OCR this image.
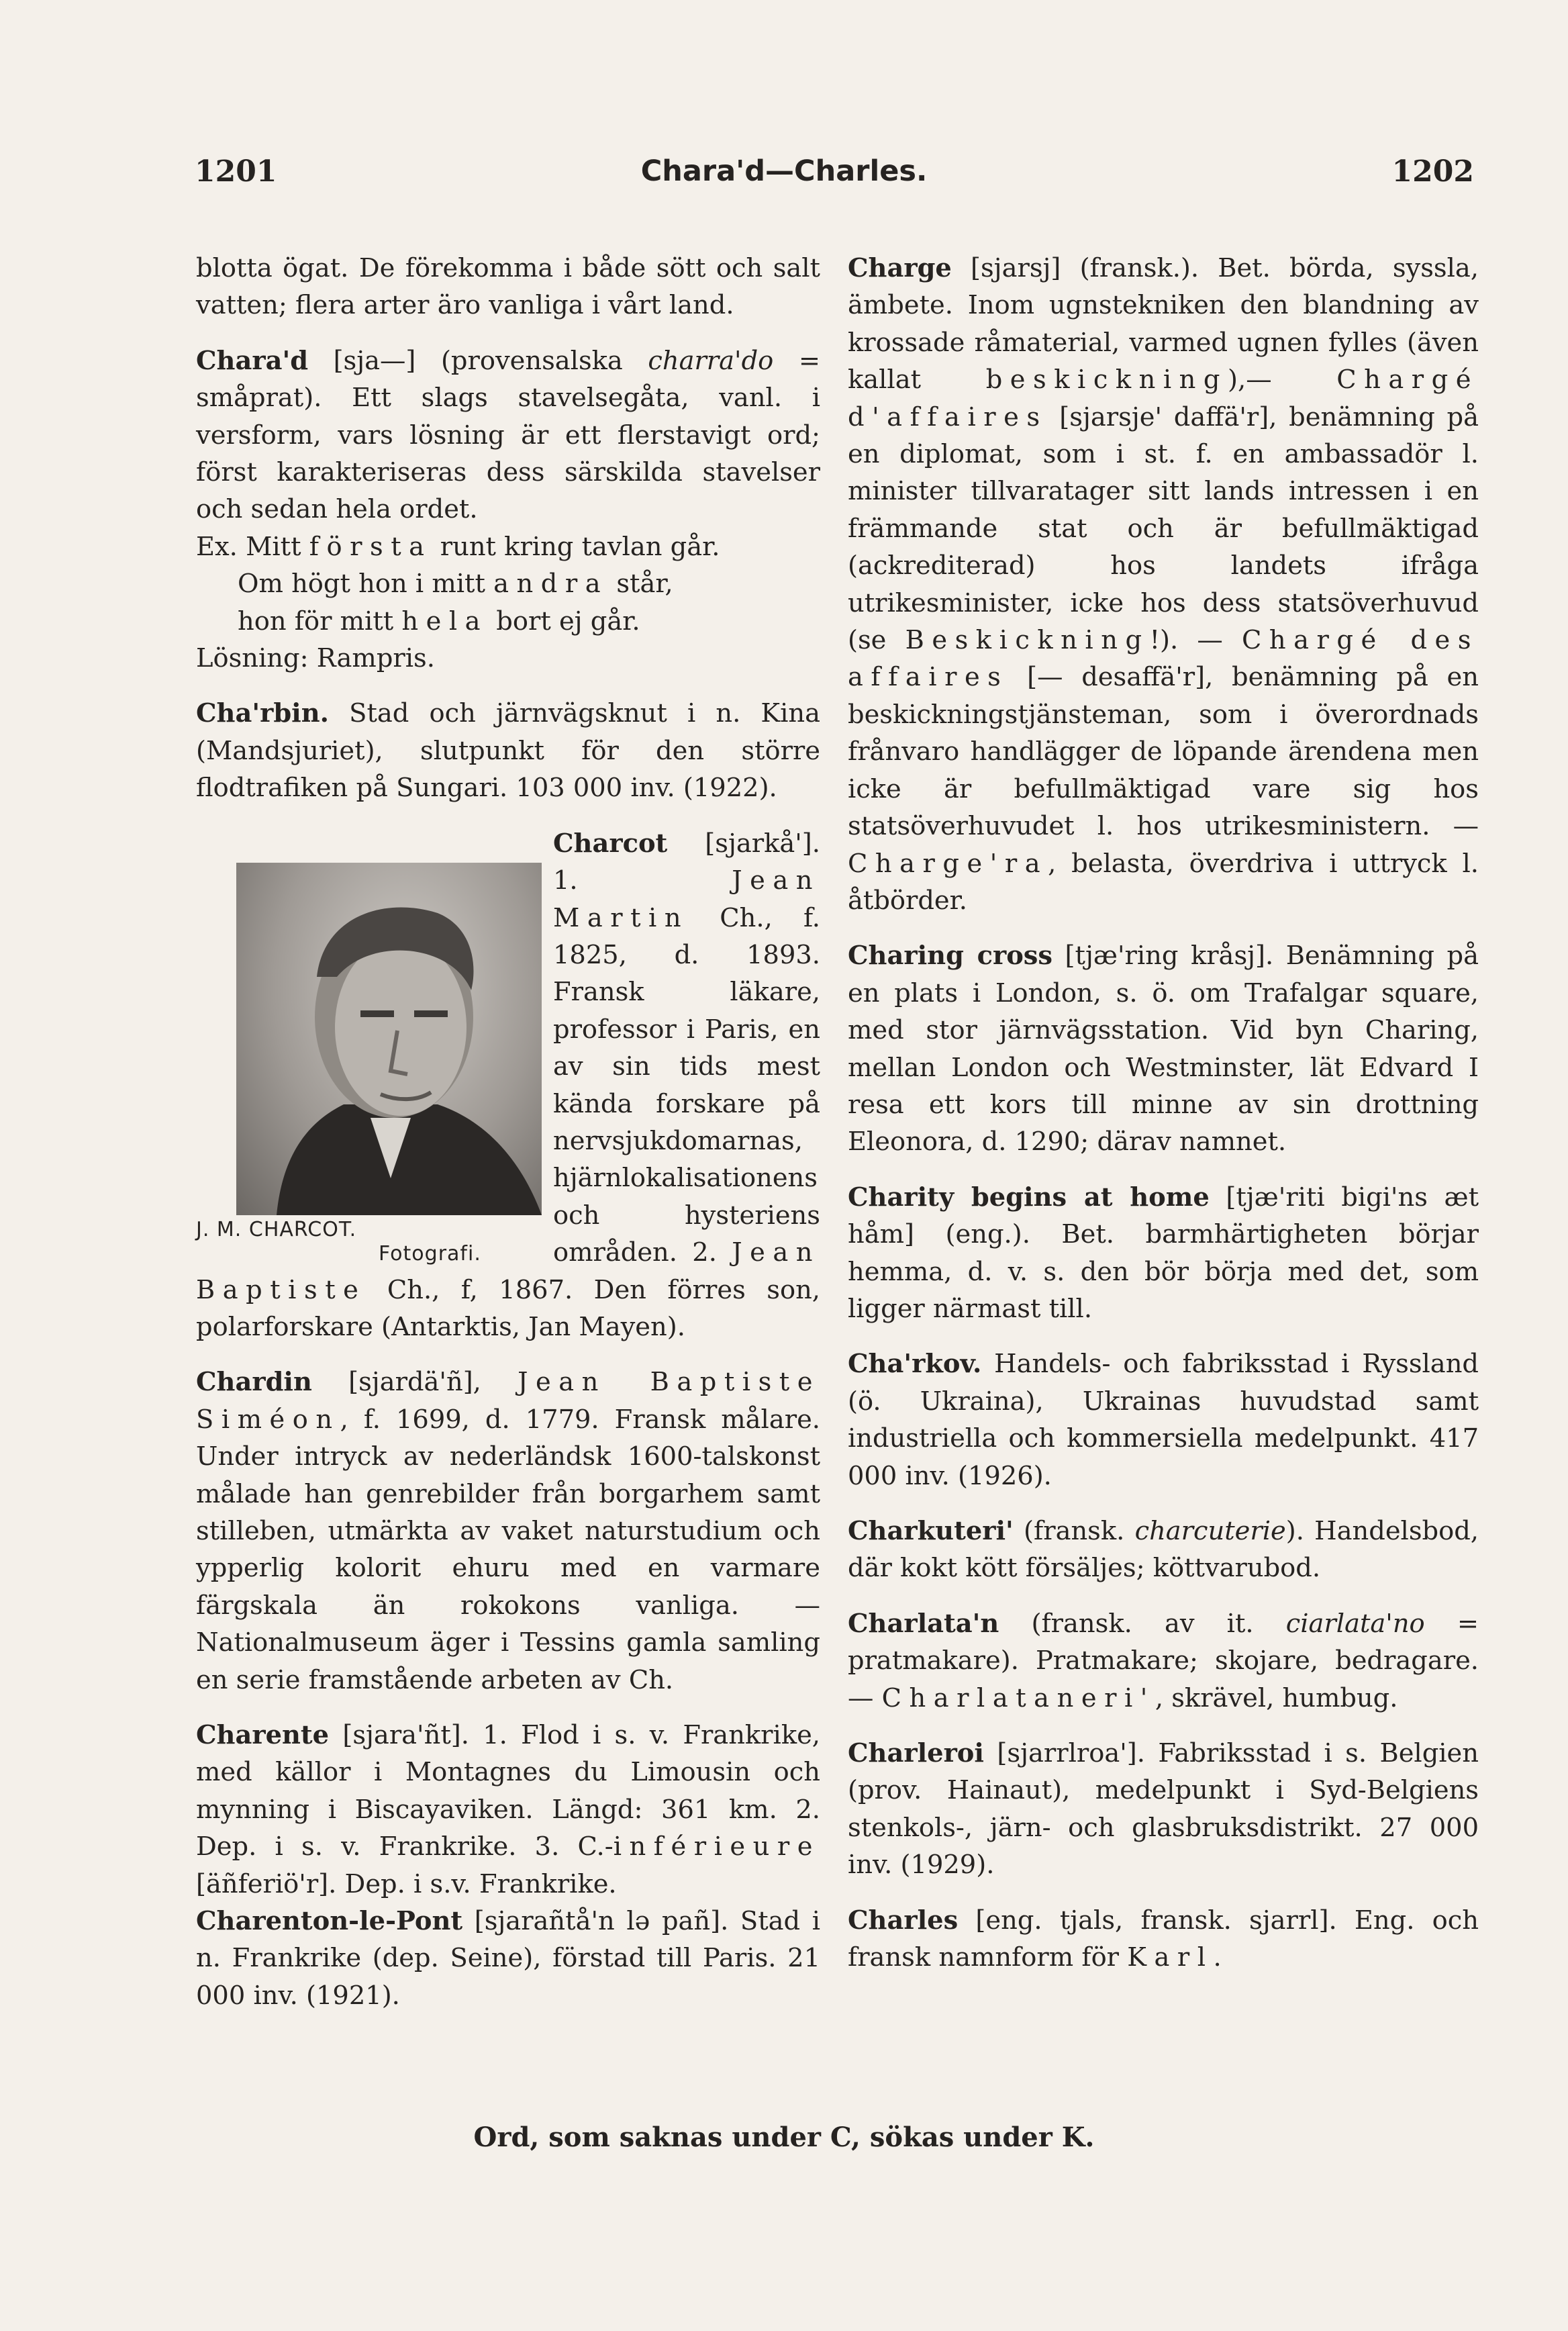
1201	Chara'd—Charles.	1202

blotta ögat. De förekomma i både sött och salt vatten; flera arter äro vanliga i vårt land.

Chara'd [sja—] (provensalska charra'do = småprat). Ett slags stavelsegåta, vanl. i versform, vars lösning är ett flerstavigt ord; först karakteriseras dess särskilda stavelser och sedan hela ordet.

Ex. Mitt första runt kring tavlan går.

Om högt hon i mitt andra står,
hon för mitt hela bort ej går.

Lösning: Rampris.

Cha'rbin. Stad och järnvägsknut i n. Kina (Mandsjuriet), slutpunkt för den större flodtrafiken på Sungari. 103 000 inv. (1922).

J. M. CHARCOT.
Fotografi.
Charcot [sjarkå']. 1. Jean Martin Ch., f. 1825, d. 1893. Fransk läkare, professor i Paris, en av sin tids mest kända forskare på nervsjukdomarnas, hjärnlokalisationens och hysteriens områden. 2. Jean Baptiste Ch., f, 1867. Den förres son, polarforskare (Antarktis, Jan Mayen).

Chardin [sjardä'ñ], Jean Baptiste Siméon, f. 1699, d. 1779. Fransk målare. Under intryck av nederländsk 1600-talskonst målade han genrebilder från borgarhem samt stilleben, utmärkta av vaket naturstudium och ypperlig kolorit ehuru med en varmare färgskala än rokokons vanliga. — Nationalmuseum äger i Tessins gamla samling en serie framstående arbeten av Ch.

Charente [sjara'ñt]. 1. Flod i s. v. Frankrike, med källor i Montagnes du Limousin och mynning i Biscayaviken. Längd: 361 km. 2. Dep. i s. v. Frankrike. 3. C.-inférieure [äñferiö'r]. Dep. i s.v. Frankrike.

Charenton-le-Pont [sjarañtå'n lə pañ]. Stad i n. Frankrike (dep. Seine), förstad till Paris. 21 000 inv. (1921).

Charge [sjarsj] (fransk.). Bet. börda, syssla, ämbete. Inom ugnstekniken den blandning av krossade råmaterial, varmed ugnen fylles (även kallat beskickning),— Chargé d'affaires [sjarsje' daffä'r], benämning på en diplomat, som i st. f. en ambassadör l. minister tillvaratager sitt lands intressen i en främmande stat och är befullmäktigad (ackrediterad) hos landets ifråga utrikesminister, icke hos dess statsöverhuvud (se Beskickning!). — Chargé des affaires [— desaffä'r], benämning på en beskickningstjänsteman, som i överordnads frånvaro handlägger de löpande ärendena men icke är befullmäktigad vare sig hos statsöverhuvudet l. hos utrikesministern. — Charge'ra, belasta, överdriva i uttryck l. åtbörder.

Charing cross [tjæ'ring kråsj]. Benämning på en plats i London, s. ö. om Trafalgar square, med stor järnvägsstation. Vid byn Charing, mellan London och Westminster, lät Edvard I resa ett kors till minne av sin drottning Eleonora, d. 1290; därav namnet.

Charity begins at home [tjæ'riti bigi'ns æt håm] (eng.). Bet. barmhärtigheten börjar hemma, d. v. s. den bör börja med det, som ligger närmast till.

Cha'rkov. Handels- och fabriksstad i Ryssland (ö. Ukraina), Ukrainas huvudstad samt industriella och kommersiella medelpunkt. 417 000 inv. (1926).

Charkuteri' (fransk. charcuterie). Handelsbod, där kokt kött försäljes; köttvarubod.

Charlata'n (fransk. av it. ciarlata'no = pratmakare). Pratmakare; skojare, bedragare. — Charlataneri', skrävel, humbug.

Charleroi [sjarrlroa']. Fabriksstad i s. Belgien (prov. Hainaut), medelpunkt i Syd-Belgiens stenkols-, järn- och glasbruksdistrikt. 27 000 inv. (1929).

Charles [eng. tjals, fransk. sjarrl]. Eng. och fransk namnform för Karl.

Ord, som saknas under C, sökas under K.
